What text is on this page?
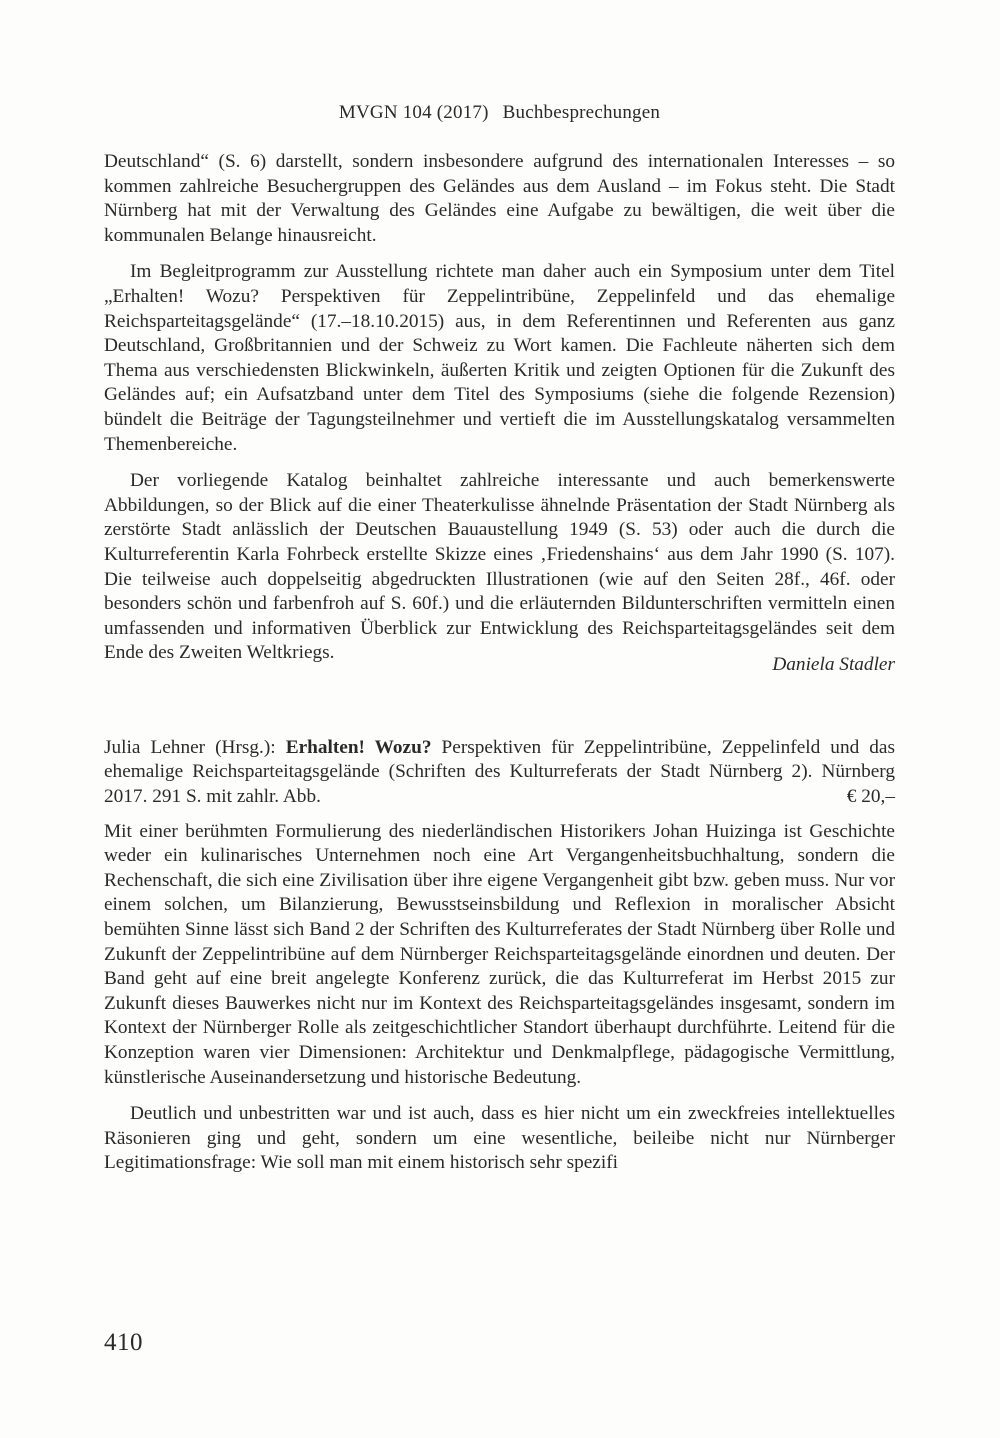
MVGN 104 (2017) Buchbesprechungen

Deutschland“ (S. 6) darstellt, sondern insbesondere aufgrund des internationalen Interesses – so kommen zahlreiche Besuchergruppen des Geländes aus dem Ausland – im Fokus steht. Die Stadt Nürnberg hat mit der Verwaltung des Geländes eine Aufgabe zu bewältigen, die weit über die kommunalen Belange hinausreicht.

Im Begleitprogramm zur Ausstellung richtete man daher auch ein Symposium unter dem Titel „Erhalten! Wozu? Perspektiven für Zeppelintribüne, Zeppelinfeld und das ehemalige Reichsparteitagsgelände“ (17.–18.10.2015) aus, in dem Referentinnen und Referenten aus ganz Deutschland, Großbritannien und der Schweiz zu Wort kamen. Die Fachleute näherten sich dem Thema aus verschiedensten Blickwinkeln, äußerten Kritik und zeigten Optionen für die Zukunft des Geländes auf; ein Aufsatzband unter dem Titel des Symposiums (siehe die folgende Rezension) bündelt die Beiträge der Tagungsteilnehmer und vertieft die im Ausstellungskatalog versammelten Themenbereiche.

Der vorliegende Katalog beinhaltet zahlreiche interessante und auch bemerkenswerte Abbildungen, so der Blick auf die einer Theaterkulisse ähnelnde Präsentation der Stadt Nürnberg als zerstörte Stadt anlässlich der Deutschen Bauaustellung 1949 (S. 53) oder auch die durch die Kulturreferentin Karla Fohrbeck erstellte Skizze eines ‚Friedenshains‘ aus dem Jahr 1990 (S. 107). Die teilweise auch doppelseitig abgedruckten Illustrationen (wie auf den Seiten 28f., 46f. oder besonders schön und farbenfroh auf S. 60f.) und die erläuternden Bildunterschriften vermitteln einen umfassenden und informativen Überblick zur Entwicklung des Reichsparteitagsgeländes seit dem Ende des Zweiten Weltkriegs.

Daniela Stadler

Julia Lehner (Hrsg.): Erhalten! Wozu? Perspektiven für Zeppelintribüne, Zeppelinfeld und das ehemalige Reichsparteitagsgelände (Schriften des Kulturreferats der Stadt Nürnberg 2). Nürnberg 2017. 291 S. mit zahlr. Abb.	€ 20,–

Mit einer berühmten Formulierung des niederländischen Historikers Johan Huizinga ist Geschichte weder ein kulinarisches Unternehmen noch eine Art Vergangenheitsbuchhaltung, sondern die Rechenschaft, die sich eine Zivilisation über ihre eigene Vergangenheit gibt bzw. geben muss. Nur vor einem solchen, um Bilanzierung, Bewusstseinsbildung und Reflexion in moralischer Absicht bemühten Sinne lässt sich Band 2 der Schriften des Kulturreferates der Stadt Nürnberg über Rolle und Zukunft der Zeppelintribüne auf dem Nürnberger Reichsparteitagsgelände einordnen und deuten. Der Band geht auf eine breit angelegte Konferenz zurück, die das Kulturreferat im Herbst 2015 zur Zukunft dieses Bauwerkes nicht nur im Kontext des Reichsparteitagsgeländes insgesamt, sondern im Kontext der Nürnberger Rolle als zeitgeschichtlicher Standort überhaupt durchführte. Leitend für die Konzeption waren vier Dimensionen: Architektur und Denkmalpflege, pädagogische Vermittlung, künstlerische Auseinandersetzung und historische Bedeutung.

Deutlich und unbestritten war und ist auch, dass es hier nicht um ein zweckfreies intellektuelles Räsonieren ging und geht, sondern um eine wesentliche, beileibe nicht nur Nürnberger Legitimationsfrage: Wie soll man mit einem historisch sehr spezifi

410
